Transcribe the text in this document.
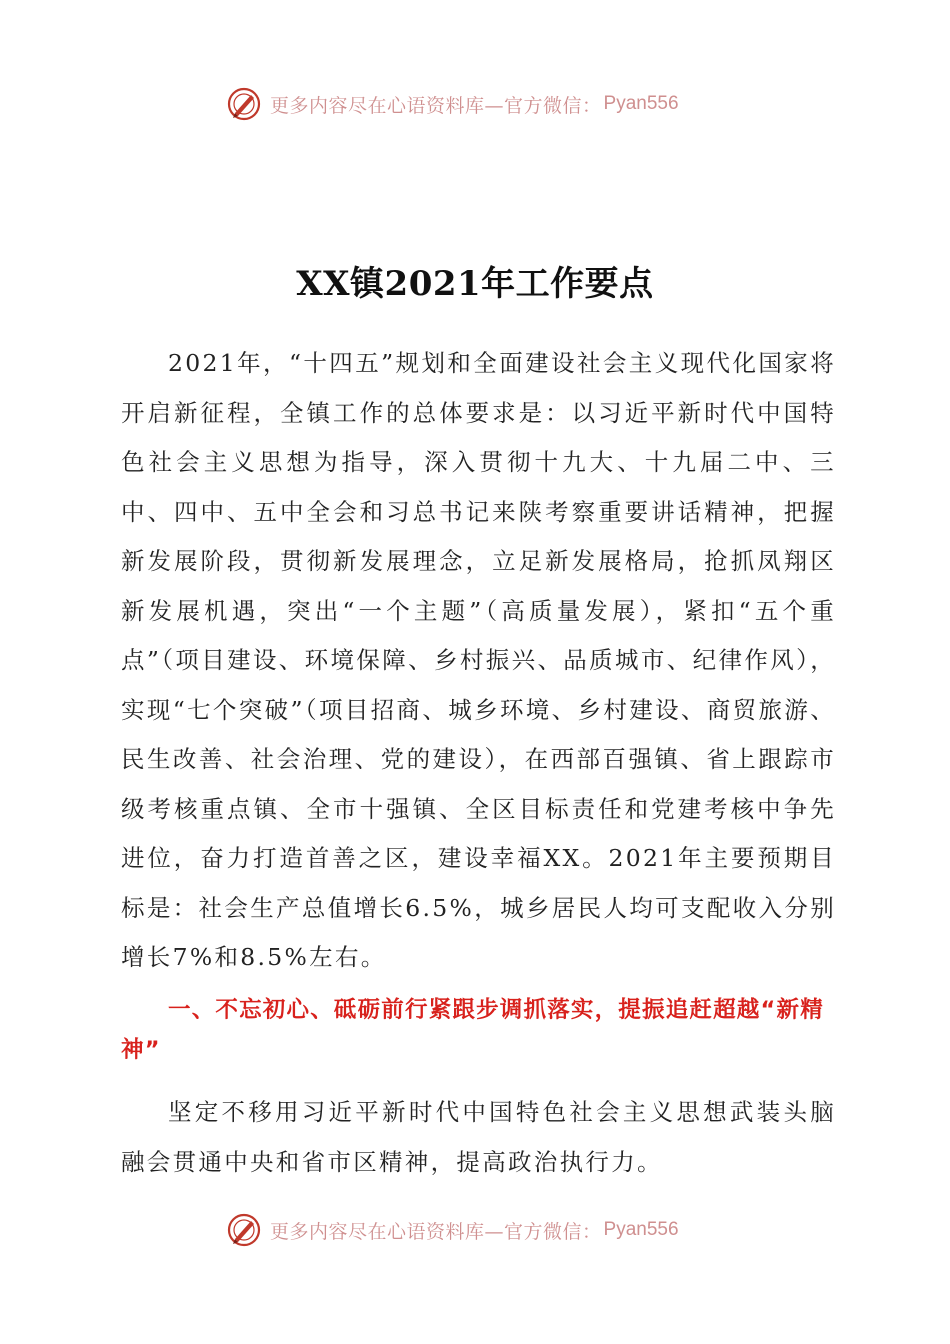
更多内容尽在心语资料库—官方微信： Pyan556
XX镇2021年工作要点

2021年，“十四五”规划和全面建设社会主义现代化国家将开启新征程，全镇工作的总体要求是：以习近平新时代中国特色社会主义思想为指导，深入贯彻十九大、十九届二中、三中、四中、五中全会和习总书记来陕考察重要讲话精神，把握新发展阶段，贯彻新发展理念，立足新发展格局，抢抓凤翔区新发展机遇，突出“一个主题”（高质量发展），紧扣“五个重点”（项目建设、环境保障、乡村振兴、品质城市、纪律作风），实现“七个突破”（项目招商、城乡环境、乡村建设、商贸旅游、民生改善、社会治理、党的建设），在西部百强镇、省上跟踪市级考核重点镇、全市十强镇、全区目标责任和党建考核中争先进位，奋力打造首善之区，建设幸福XX。2021年主要预期目标是：社会生产总值增长6.5%，城乡居民人均可支配收入分别增长7%和8.5%左右。

一、不忘初心、砥砺前行紧跟步调抓落实，提振追赶超越“新精神”

坚定不移用习近平新时代中国特色社会主义思想武装头脑融会贯通中央和省市区精神，提高政治执行力。

更多内容尽在心语资料库—官方微信： Pyan556
